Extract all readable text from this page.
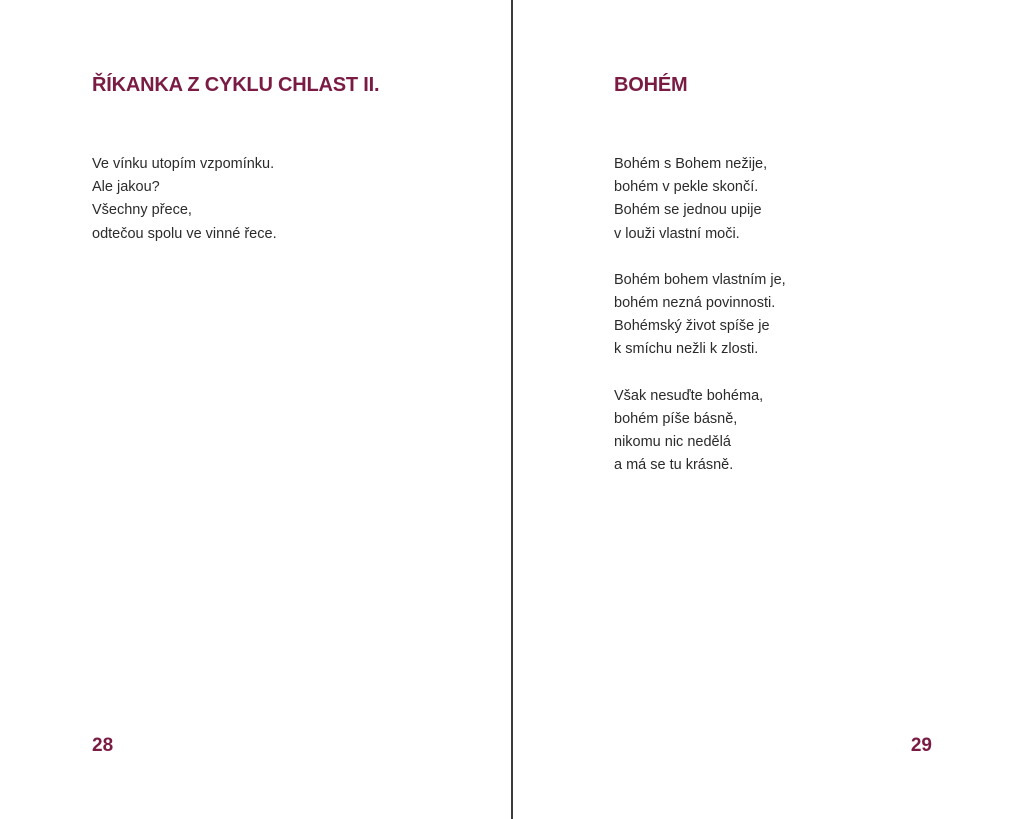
ŘÍKANKA Z CYKLU CHLAST II.

Ve vínku utopím vzpomínku.
Ale jakou?
Všechny přece,
odtečou spolu ve vinné řece.

28
BOHÉM

Bohém s Bohem nežije,
bohém v pekle skončí.
Bohém se jednou upije
v louži vlastní moči.

Bohém bohem vlastním je,
bohém nezná povinnosti.
Bohémský život spíše je
k smíchu nežli k zlosti.

Však nesuďte bohéma,
bohém píše básně,
nikomu nic nedělá
a má se tu krásně.

29
